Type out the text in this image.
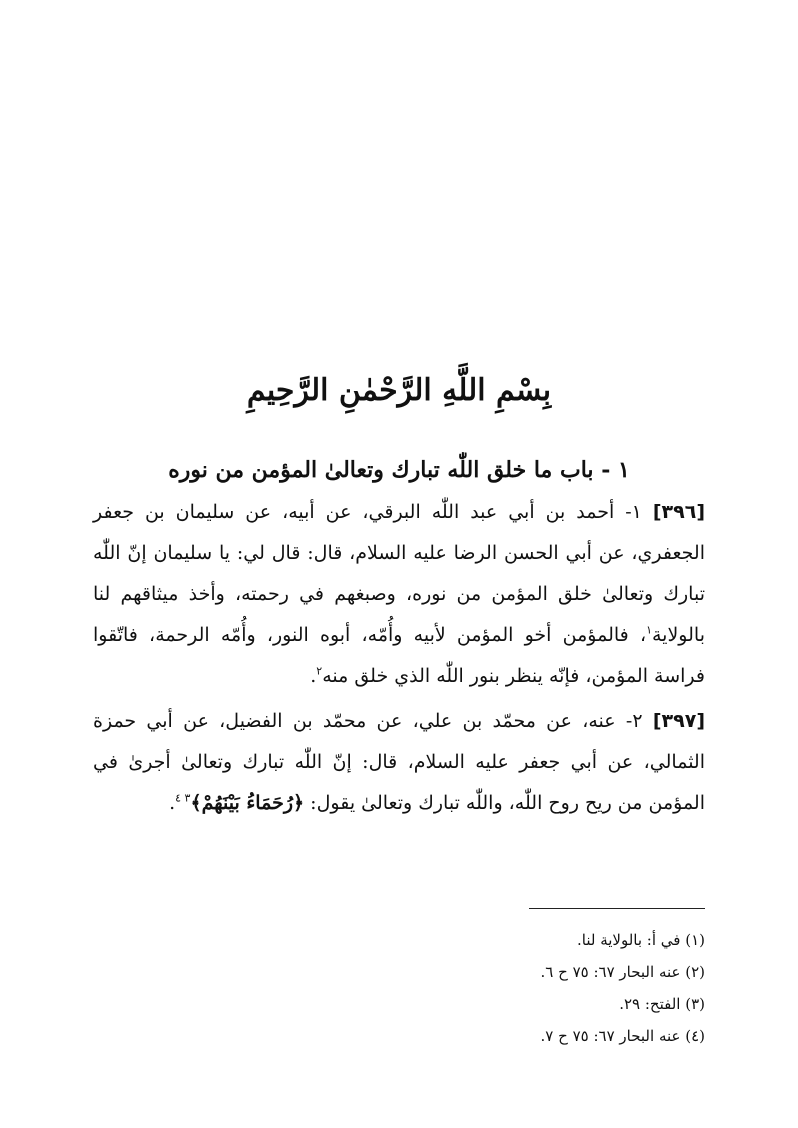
بِسْمِ اللَّهِ الرَّحْمٰنِ الرَّحِيمِ
١ - باب ما خلق اللّٰه تبارك وتعالىٰ المؤمن من نوره

[٣٩٦] ١- أحمد بن أبي عبد اللّٰه البرقي، عن أبيه، عن سليمان بن جعفر الجعفري، عن أبي الحسن الرضا عليه السلام، قال: قال لي: يا سليمان إنّ اللّٰه تبارك وتعالىٰ خلق المؤمن من نوره، وصبغهم في رحمته، وأخذ ميثاقهم لنا بالولاية$^١$، فالمؤمن أخو المؤمن لأبيه وأُمّه، أبوه النور، وأُمّه الرحمة، فاتّقوا فراسة المؤمن، فإنّه ينظر بنور اللّٰه الذي خلق منه$^٢$.

[٣٩٧] ٢- عنه، عن محمّد بن علي، عن محمّد بن الفضيل، عن أبي حمزة الثمالي، عن أبي جعفر عليه السلام، قال: إنّ اللّٰه تبارك وتعالىٰ أجرىٰ في المؤمن من ريح روح اللّٰه، واللّٰه تبارك وتعالىٰ يقول: ﴿رُحَمَاءُ بَيْنَهُمْ﴾$^{٣ ٤}$.

(١) في أ: بالولاية لنا.
(٢) عنه البحار ٦٧: ٧٥ ح ٦.
(٣) الفتح: ٢٩.
(٤) عنه البحار ٦٧: ٧٥ ح ٧.
